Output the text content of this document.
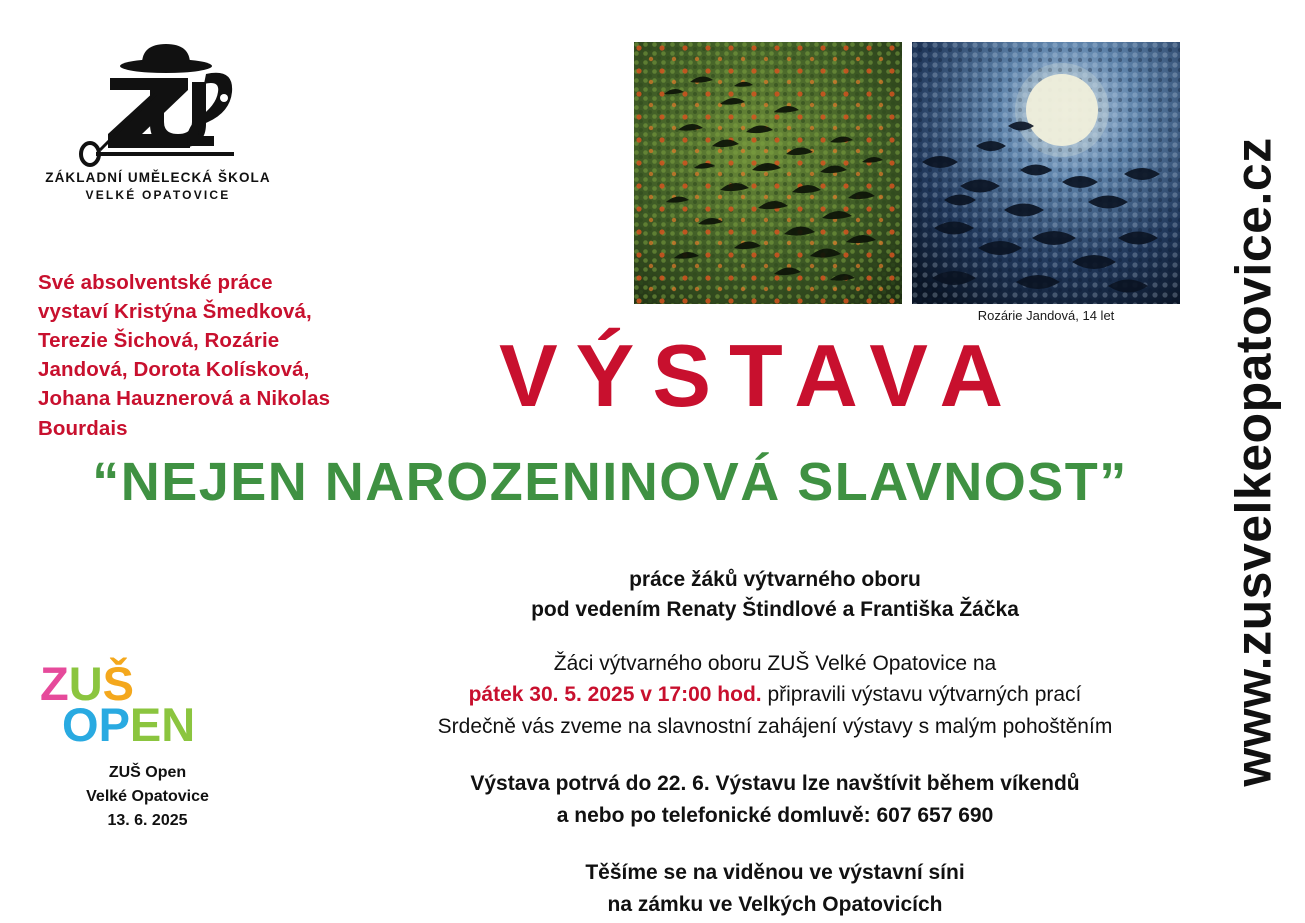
ZÁKLADNÍ UMĚLECKÁ ŠKOLA
VELKÉ OPATOVICE
Své absolventské práce vystaví Kristýna Šmedková, Terezie Šichová, Rozárie Jandová, Dorota Kolísková, Johana Hauznerová a Nikolas Bourdais
Rozárie Jandová, 14 let
VÝSTAVA
“NEJEN NAROZENINOVÁ SLAVNOST”
práce žáků výtvarného oboru
pod vedením Renaty Štindlové a Františka Žáčka
Žáci výtvarného oboru ZUŠ Velké Opatovice na
pátek 30. 5. 2025 v 17:00 hod. připravili výstavu výtvarných prací
Srdečně vás zveme na slavnostní zahájení výstavy s malým pohoštěním
Výstava potrvá do 22. 6. Výstavu lze navštívit během víkendů
a nebo po telefonické domluvě: 607 657 690
Těšíme se na viděnou ve výstavní síni
na zámku ve Velkých Opatovicích
ZUŠ
OPEN
ZUŠ Open
Velké Opatovice
13. 6. 2025
www.zusvelkeopatovice.cz
